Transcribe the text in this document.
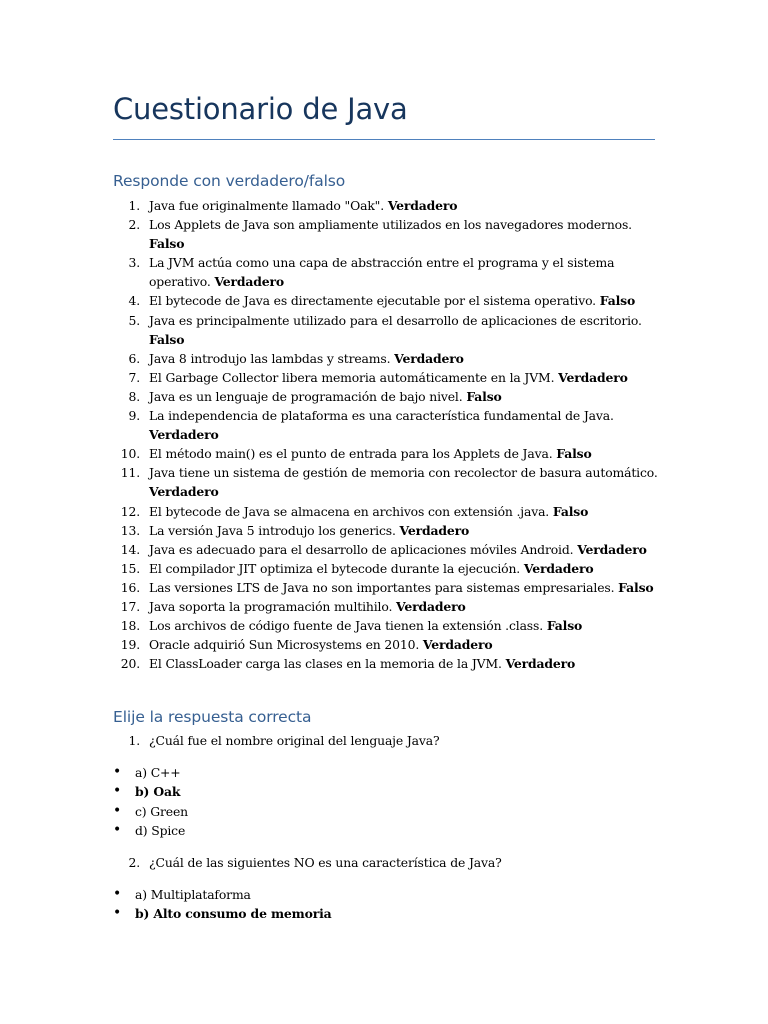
Cuestionario de Java
Responde con verdadero/falso
1. Java fue originalmente llamado "Oak". Verdadero
2. Los Applets de Java son ampliamente utilizados en los navegadores modernos.
Falso
3. La JVM actúa como una capa de abstracción entre el programa y el sistema operativo. Verdadero
4. El bytecode de Java es directamente ejecutable por el sistema operativo. Falso
5. Java es principalmente utilizado para el desarrollo de aplicaciones de escritorio.
Falso
6. Java 8 introdujo las lambdas y streams. Verdadero
7. El Garbage Collector libera memoria automáticamente en la JVM. Verdadero
8. Java es un lenguaje de programación de bajo nivel. Falso
9. La independencia de plataforma es una característica fundamental de Java.
Verdadero
10. El método main() es el punto de entrada para los Applets de Java. Falso
11. Java tiene un sistema de gestión de memoria con recolector de basura automático.
Verdadero
12. El bytecode de Java se almacena en archivos con extensión .java. Falso
13. La versión Java 5 introdujo los generics. Verdadero
14. Java es adecuado para el desarrollo de aplicaciones móviles Android. Verdadero
15. El compilador JIT optimiza el bytecode durante la ejecución. Verdadero
16. Las versiones LTS de Java no son importantes para sistemas empresariales. Falso
17. Java soporta la programación multihilo. Verdadero
18. Los archivos de código fuente de Java tienen la extensión .class. Falso
19. Oracle adquirió Sun Microsystems en 2010. Verdadero
20. El ClassLoader carga las clases en la memoria de la JVM. Verdadero
Elije la respuesta correcta
1. ¿Cuál fue el nombre original del lenguaje Java?
•	a) C++
•	b) Oak
•	c) Green
•	d) Spice
2. ¿Cuál de las siguientes NO es una característica de Java?
•	a) Multiplataforma
•	b) Alto consumo de memoria
